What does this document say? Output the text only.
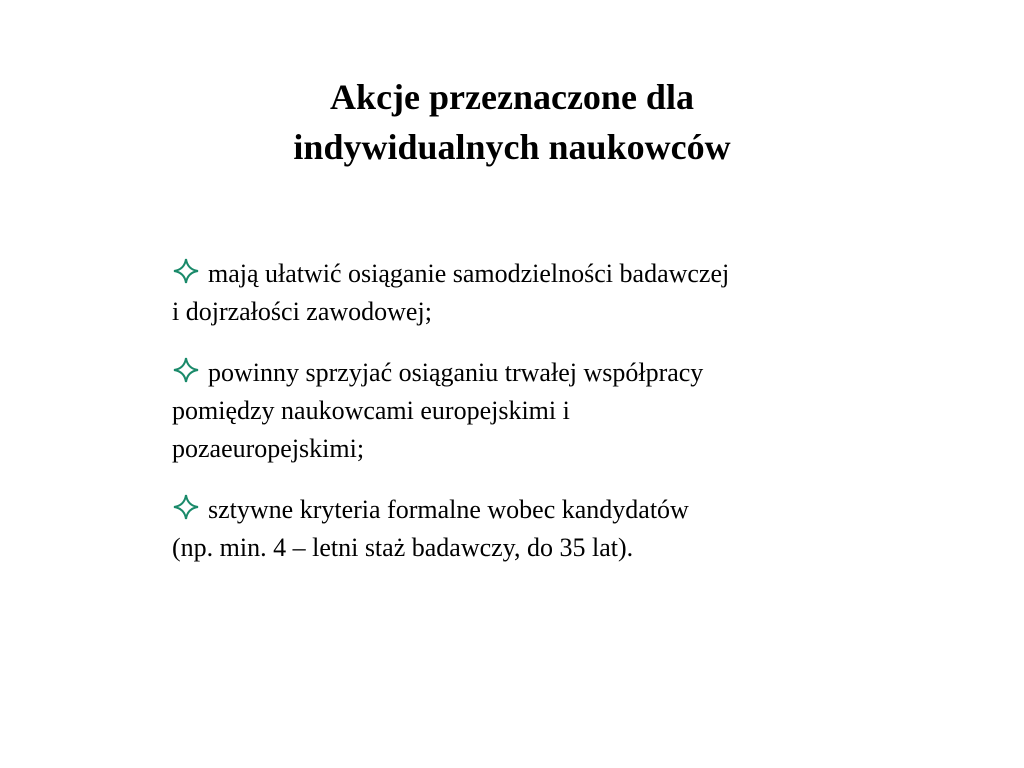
Akcje przeznaczone dla
indywidualnych naukowców
mają ułatwić osiąganie samodzielności badawczej
i dojrzałości zawodowej;
powinny sprzyjać osiąganiu trwałej współpracy
pomiędzy naukowcami europejskimi i
pozaeuropejskimi;
sztywne kryteria formalne wobec kandydatów
(np. min. 4 – letni staż badawczy, do 35 lat).
